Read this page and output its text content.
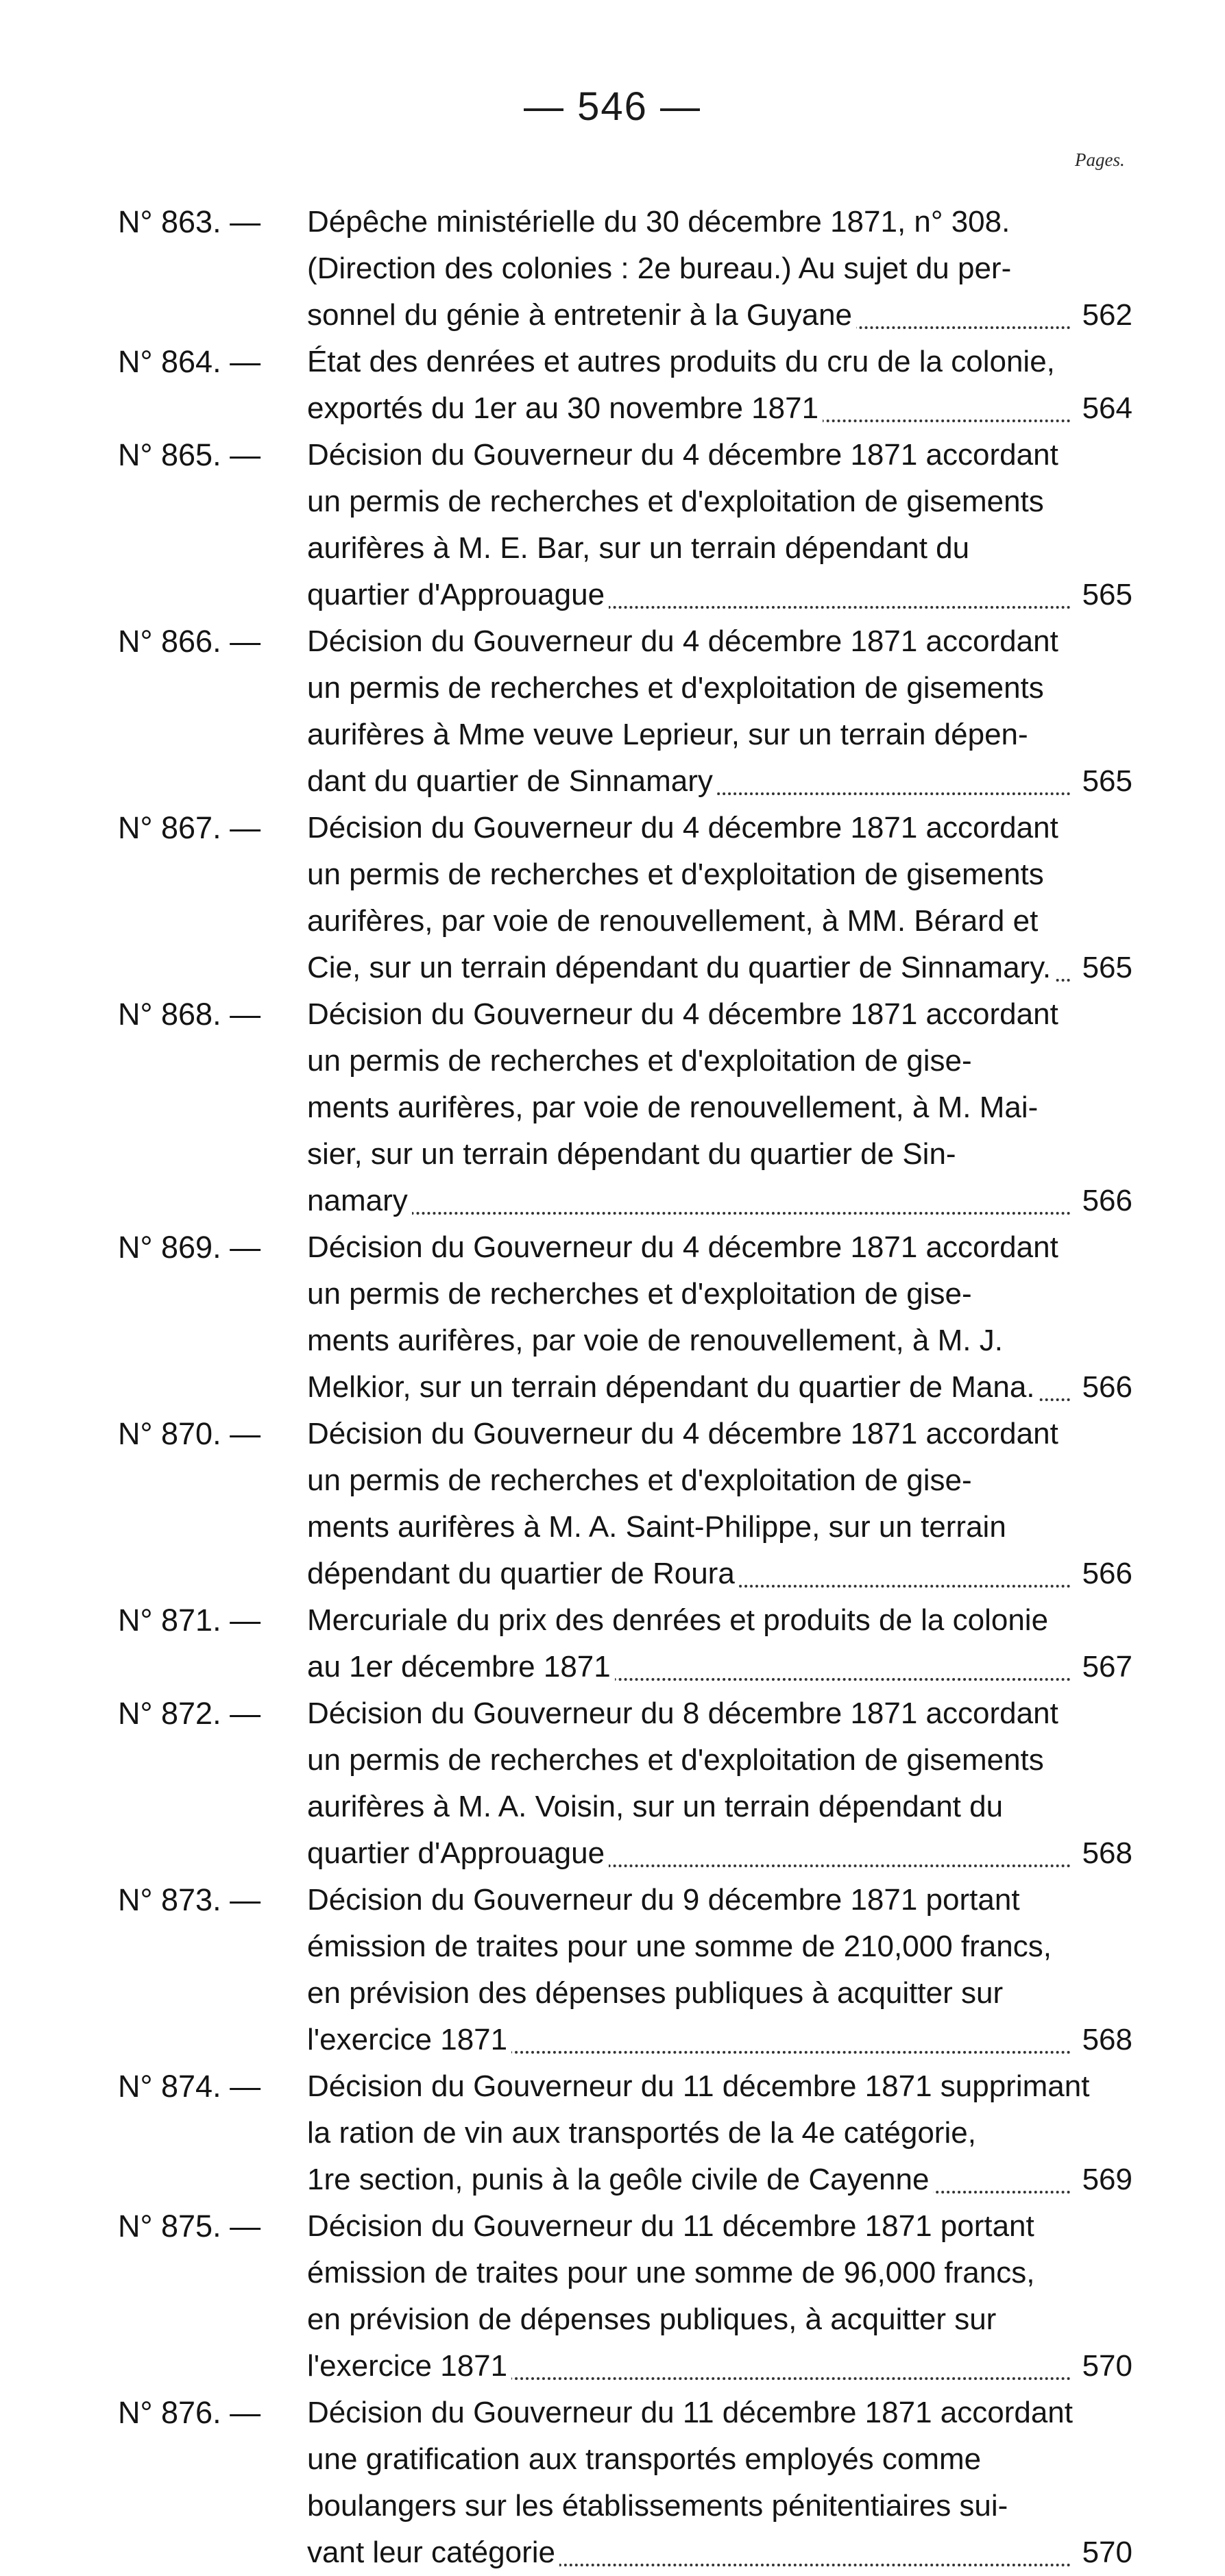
— 546 —
Pages.
N° 863. — Dépêche ministérielle du 30 décembre 1871, n° 308.
(Direction des colonies : 2e bureau.) Au sujet du per-
sonnel du génie à entretenir à la Guyane	562
N° 864. — État des denrées et autres produits du cru de la colonie,
exportés du 1er au 30 novembre 1871	564
N° 865. — Décision du Gouverneur du 4 décembre 1871 accordant
un permis de recherches et d'exploitation de gisements
aurifères à M. E. Bar, sur un terrain dépendant du
quartier d'Approuague	565
N° 866. — Décision du Gouverneur du 4 décembre 1871 accordant
un permis de recherches et d'exploitation de gisements
aurifères à Mme veuve Leprieur, sur un terrain dépen-
dant du quartier de Sinnamary	565
N° 867. — Décision du Gouverneur du 4 décembre 1871 accordant
un permis de recherches et d'exploitation de gisements
aurifères, par voie de renouvellement, à MM. Bérard et
Cie, sur un terrain dépendant du quartier de Sinnamary. 565
N° 868. — Décision du Gouverneur du 4 décembre 1871 accordant
un permis de recherches et d'exploitation de gise-
ments aurifères, par voie de renouvellement, à M. Mai-
sier, sur un terrain dépendant du quartier de Sin-
namary	566
N° 869. — Décision du Gouverneur du 4 décembre 1871 accordant
un permis de recherches et d'exploitation de gise-
ments aurifères, par voie de renouvellement, à M. J.
Melkior, sur un terrain dépendant du quartier de Mana. 566
N° 870. — Décision du Gouverneur du 4 décembre 1871 accordant
un permis de recherches et d'exploitation de gise-
ments aurifères à M. A. Saint-Philippe, sur un terrain
dépendant du quartier de Roura	566
N° 871. — Mercuriale du prix des denrées et produits de la colonie
au 1er décembre 1871	567
N° 872. — Décision du Gouverneur du 8 décembre 1871 accordant
un permis de recherches et d'exploitation de gisements
aurifères à M. A. Voisin, sur un terrain dépendant du
quartier d'Approuague	568
N° 873. — Décision du Gouverneur du 9 décembre 1871 portant
émission de traites pour une somme de 210,000 francs,
en prévision des dépenses publiques à acquitter sur
l'exercice 1871	568
N° 874. — Décision du Gouverneur du 11 décembre 1871 supprimant
la ration de vin aux transportés de la 4e catégorie,
1re section, punis à la geôle civile de Cayenne	569
N° 875. — Décision du Gouverneur du 11 décembre 1871 portant
émission de traites pour une somme de 96,000 francs,
en prévision de dépenses publiques, à acquitter sur
l'exercice 1871	570
N° 876. — Décision du Gouverneur du 11 décembre 1871 accordant
une gratification aux transportés employés comme
boulangers sur les établissements pénitentiaires sui-
vant leur catégorie	570
